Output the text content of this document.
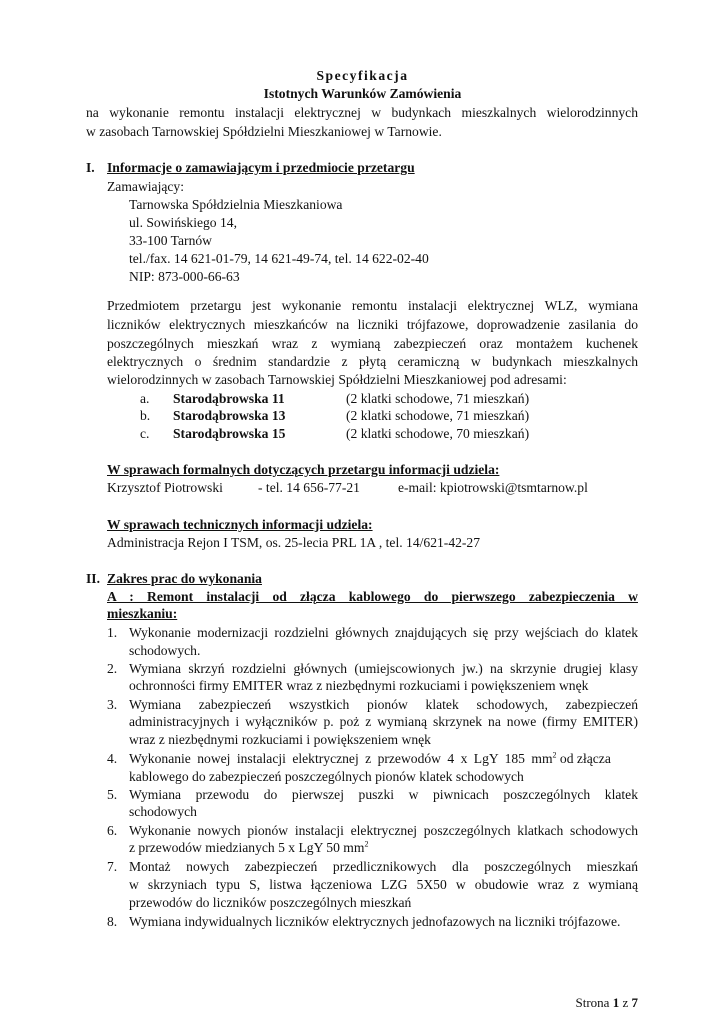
Specyfikacja
Istotnych Warunków Zamówienia
na wykonanie remontu instalacji elektrycznej w budynkach mieszkalnych wielorodzinnych
w zasobach Tarnowskiej Spółdzielni Mieszkaniowej w Tarnowie.
I. Informacje o zamawiającym i przedmiocie przetargu
Zamawiający:
Tarnowska Spółdzielnia Mieszkaniowa
ul. Sowińskiego 14,
33-100 Tarnów
tel./fax. 14 621-01-79, 14 621-49-74, tel. 14 622-02-40
NIP: 873-000-66-63
Przedmiotem przetargu jest wykonanie remontu instalacji elektrycznej WLZ, wymiana
liczników elektrycznych mieszkańców na liczniki trójfazowe, doprowadzenie zasilania do
poszczególnych mieszkań wraz z wymianą zabezpieczeń oraz montażem kuchenek
elektrycznych o średnim standardzie z płytą ceramiczną w budynkach mieszkalnych
wielorodzinnych w zasobach Tarnowskiej Spółdzielni Mieszkaniowej pod adresami:
a. Starodąbrowska 11	(2 klatki schodowe, 71 mieszkań)
b. Starodąbrowska 13	(2 klatki schodowe, 71 mieszkań)
c. Starodąbrowska 15	(2 klatki schodowe, 70 mieszkań)
W sprawach formalnych dotyczących przetargu informacji udziela:
Krzysztof Piotrowski	- tel. 14 656-77-21	e-mail: kpiotrowski@tsmtarnow.pl
W sprawach technicznych informacji udziela:
Administracja Rejon I TSM, os. 25-lecia PRL 1A , tel. 14/621-42-27
II. Zakres prac do wykonania
A : Remont instalacji od złącza kablowego do pierwszego zabezpieczenia w
mieszkaniu:
1. Wykonanie modernizacji rozdzielni głównych znajdujących się przy wejściach do klatek
schodowych.
2. Wymiana skrzyń rozdzielni głównych (umiejscowionych jw.) na skrzynie drugiej klasy
ochronności firmy EMITER wraz z niezbędnymi rozkuciami i powiększeniem wnęk
3. Wymiana zabezpieczeń wszystkich pionów klatek schodowych, zabezpieczeń
administracyjnych i wyłączników p. poż z wymianą skrzynek na nowe (firmy EMITER)
wraz z niezbędnymi rozkuciami i powiększeniem wnęk
4. Wykonanie nowej instalacji elektrycznej z przewodów 4 x LgY 185 $mm^2$ od złącza
kablowego do zabezpieczeń poszczególnych pionów klatek schodowych
5. Wymiana przewodu do pierwszej puszki w piwnicach poszczególnych klatek
schodowych
6. Wykonanie nowych pionów instalacji elektrycznej poszczególnych klatkach schodowych
z przewodów miedzianych 5 x LgY 50 $mm^2$
7. Montaż nowych zabezpieczeń przedlicznikowych dla poszczególnych mieszkań
w skrzyniach typu S, listwa łączeniowa LZG 5X50 w obudowie wraz z wymianą
przewodów do liczników poszczególnych mieszkań
8. Wymiana indywidualnych liczników elektrycznych jednofazowych na liczniki trójfazowe.
Strona 1 z 7
